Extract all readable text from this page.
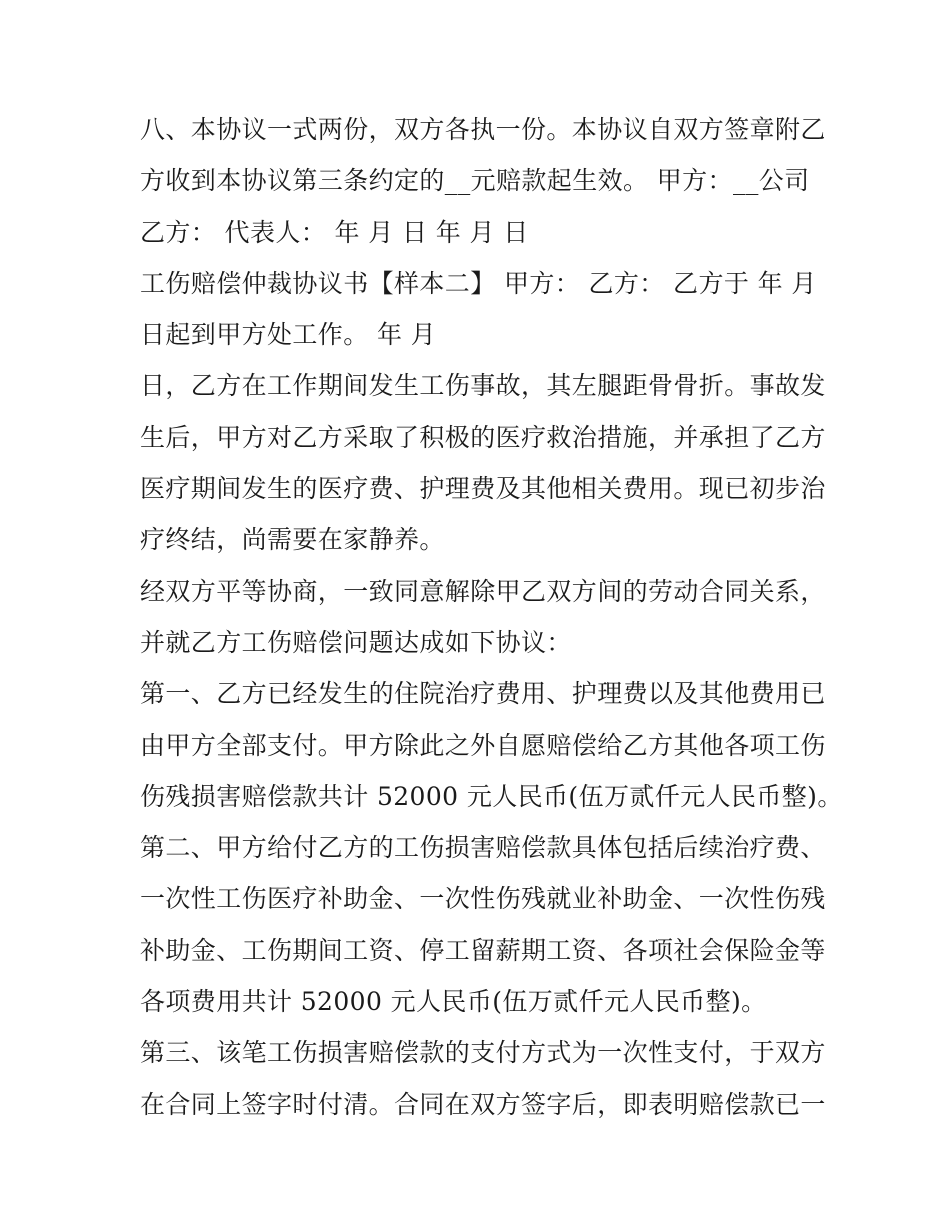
八、本协议一式两份，双方各执一份。本协议自双方签章附乙
方收到本协议第三条约定的__元赔款起生效。 甲方：__公司
乙方： 代表人： 年 月 日 年 月 日
工伤赔偿仲裁协议书【样本二】 甲方： 乙方： 乙方于 年 月
日起到甲方处工作。 年 月
日，乙方在工作期间发生工伤事故，其左腿距骨骨折。事故发
生后，甲方对乙方采取了积极的医疗救治措施，并承担了乙方
医疗期间发生的医疗费、护理费及其他相关费用。现已初步治
疗终结，尚需要在家静养。
经双方平等协商，一致同意解除甲乙双方间的劳动合同关系，
并就乙方工伤赔偿问题达成如下协议：
第一、乙方已经发生的住院治疗费用、护理费以及其他费用已
由甲方全部支付。甲方除此之外自愿赔偿给乙方其他各项工伤
伤残损害赔偿款共计 52000 元人民币(伍万贰仟元人民币整)。
第二、甲方给付乙方的工伤损害赔偿款具体包括后续治疗费、
一次性工伤医疗补助金、一次性伤残就业补助金、一次性伤残
补助金、工伤期间工资、停工留薪期工资、各项社会保险金等
各项费用共计 52000 元人民币(伍万贰仟元人民币整)。
第三、该笔工伤损害赔偿款的支付方式为一次性支付，于双方
在合同上签字时付清。合同在双方签字后，即表明赔偿款已一
